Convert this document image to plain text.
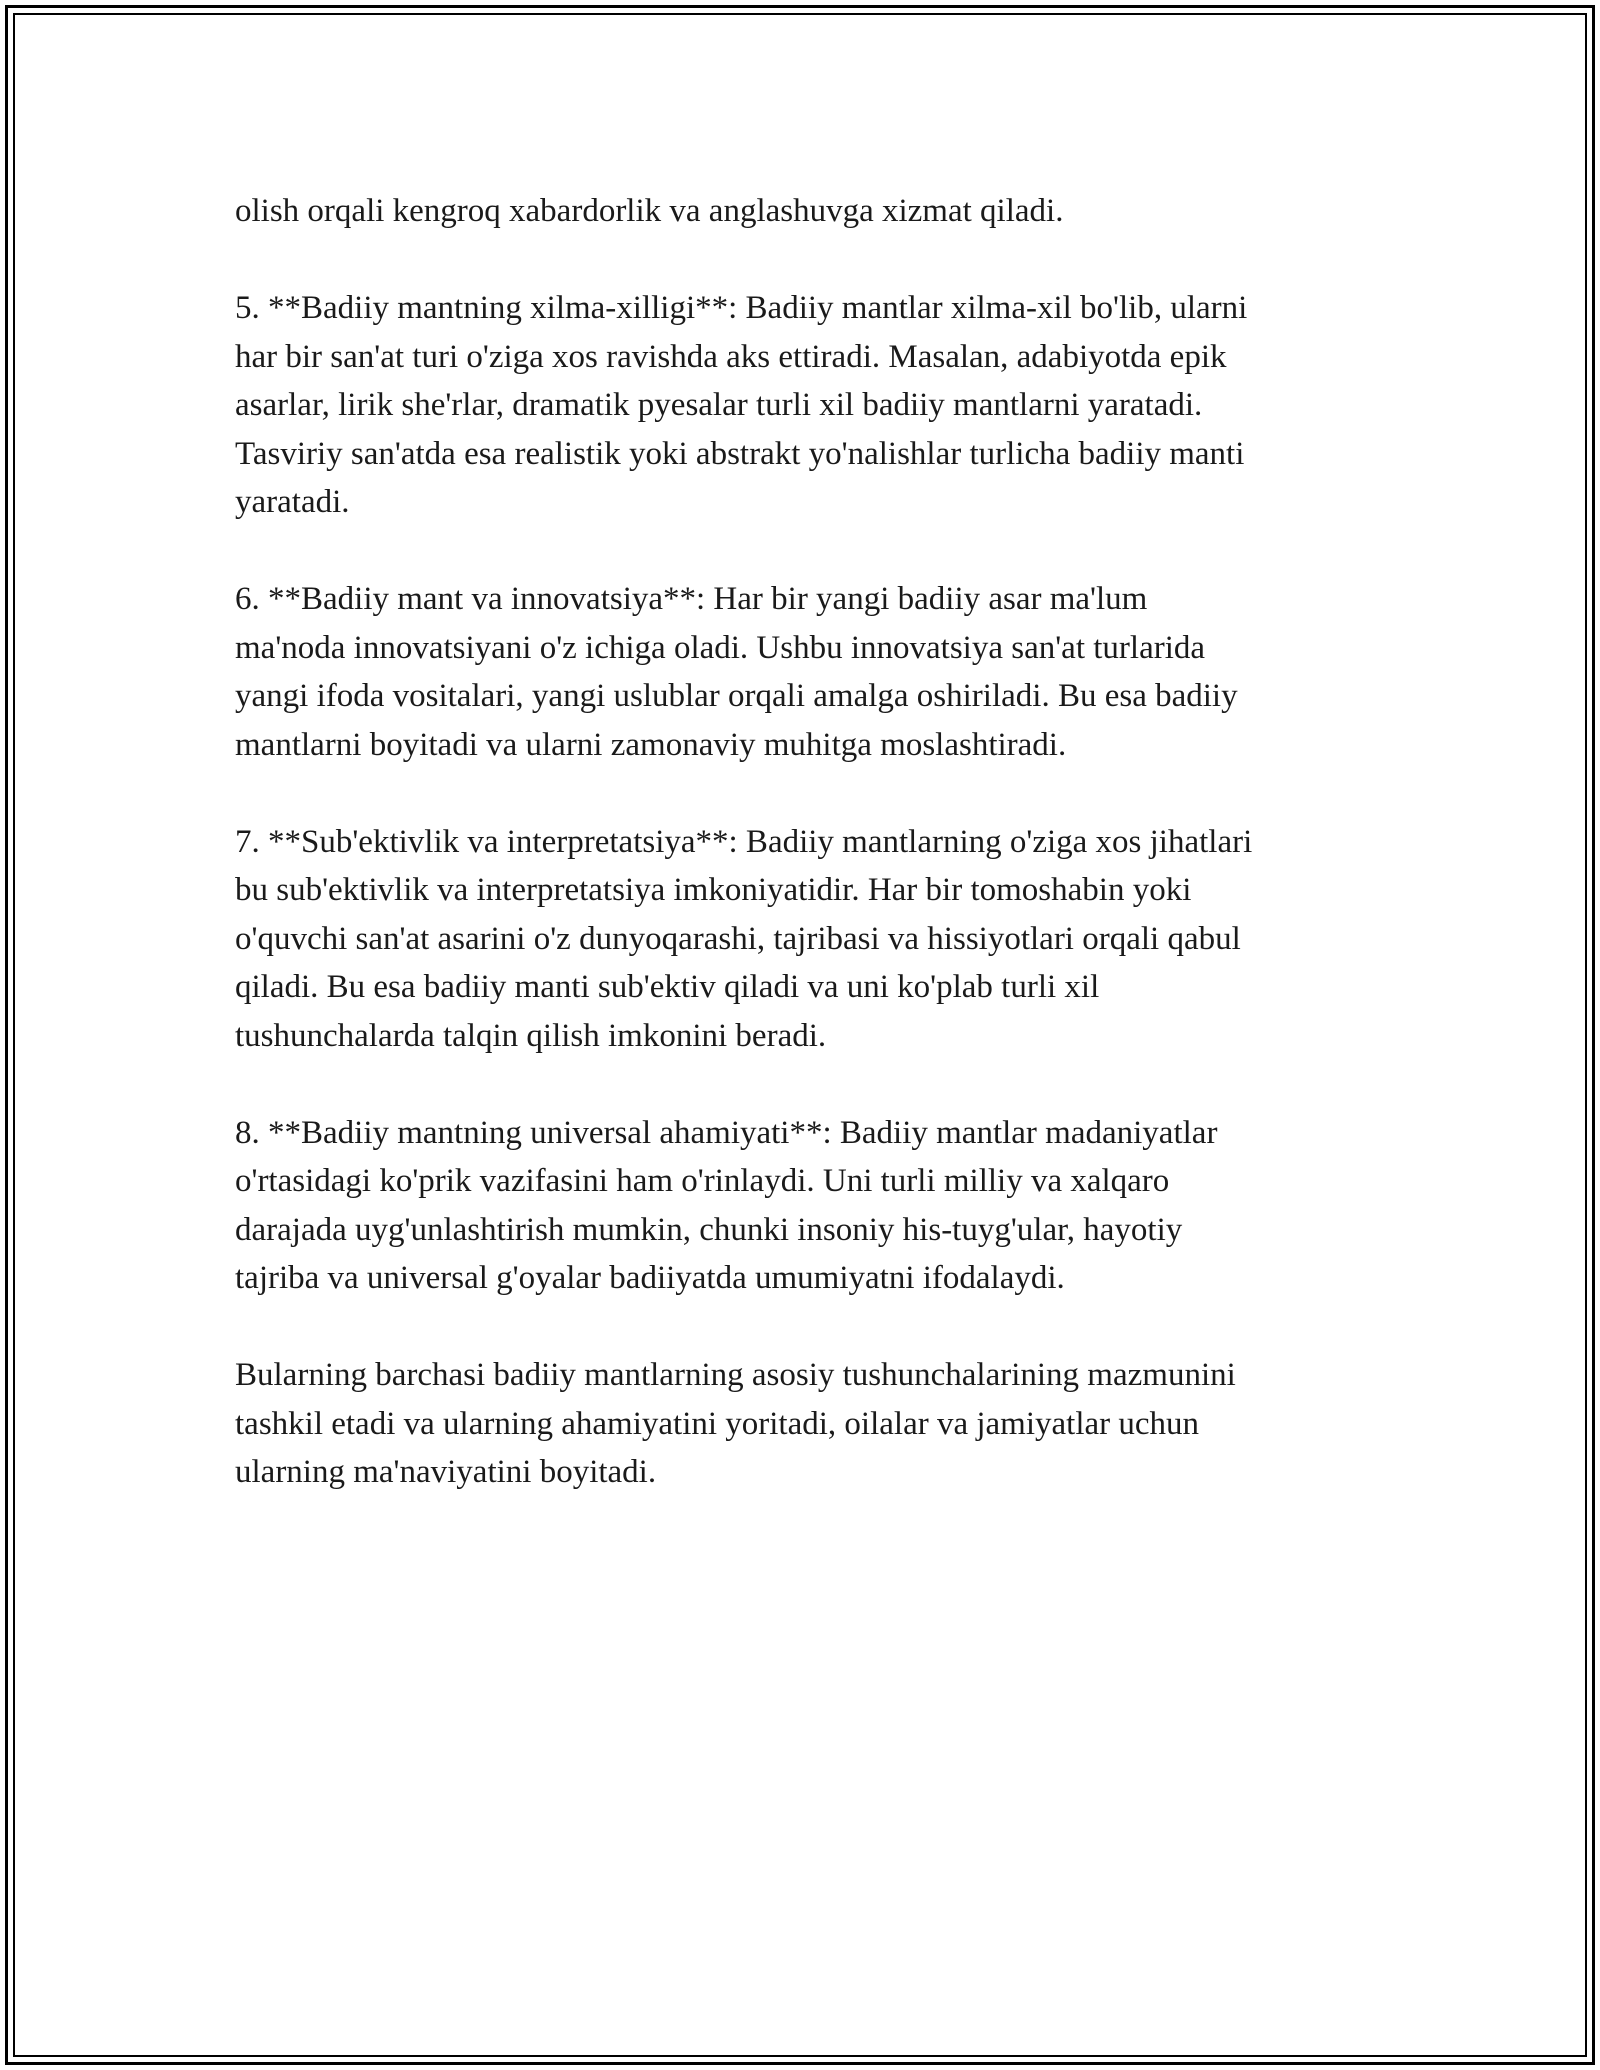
olish orqali kengroq xabardorlik va anglashuvga xizmat qiladi.

5. **Badiiy mantning xilma-xilligi**: Badiiy mantlar xilma-xil bo'lib, ularni
har bir san'at turi o'ziga xos ravishda aks ettiradi. Masalan, adabiyotda epik
asarlar, lirik she'rlar, dramatik pyesalar turli xil badiiy mantlarni yaratadi.
Tasviriy san'atda esa realistik yoki abstrakt yo'nalishlar turlicha badiiy manti
yaratadi.

6. **Badiiy mant va innovatsiya**: Har bir yangi badiiy asar ma'lum
ma'noda innovatsiyani o'z ichiga oladi. Ushbu innovatsiya san'at turlarida
yangi ifoda vositalari, yangi uslublar orqali amalga oshiriladi. Bu esa badiiy
mantlarni boyitadi va ularni zamonaviy muhitga moslashtiradi.

7. **Sub'ektivlik va interpretatsiya**: Badiiy mantlarning o'ziga xos jihatlari
bu sub'ektivlik va interpretatsiya imkoniyatidir. Har bir tomoshabin yoki
o'quvchi san'at asarini o'z dunyoqarashi, tajribasi va hissiyotlari orqali qabul
qiladi. Bu esa badiiy manti sub'ektiv qiladi va uni ko'plab turli xil
tushunchalarda talqin qilish imkonini beradi.

8. **Badiiy mantning universal ahamiyati**: Badiiy mantlar madaniyatlar
o'rtasidagi ko'prik vazifasini ham o'rinlaydi. Uni turli milliy va xalqaro
darajada uyg'unlashtirish mumkin, chunki insoniy his-tuyg'ular, hayotiy
tajriba va universal g'oyalar badiiyatda umumiyatni ifodalaydi.

Bularning barchasi badiiy mantlarning asosiy tushunchalarining mazmunini
tashkil etadi va ularning ahamiyatini yoritadi, oilalar va jamiyatlar uchun
ularning ma'naviyatini boyitadi.
